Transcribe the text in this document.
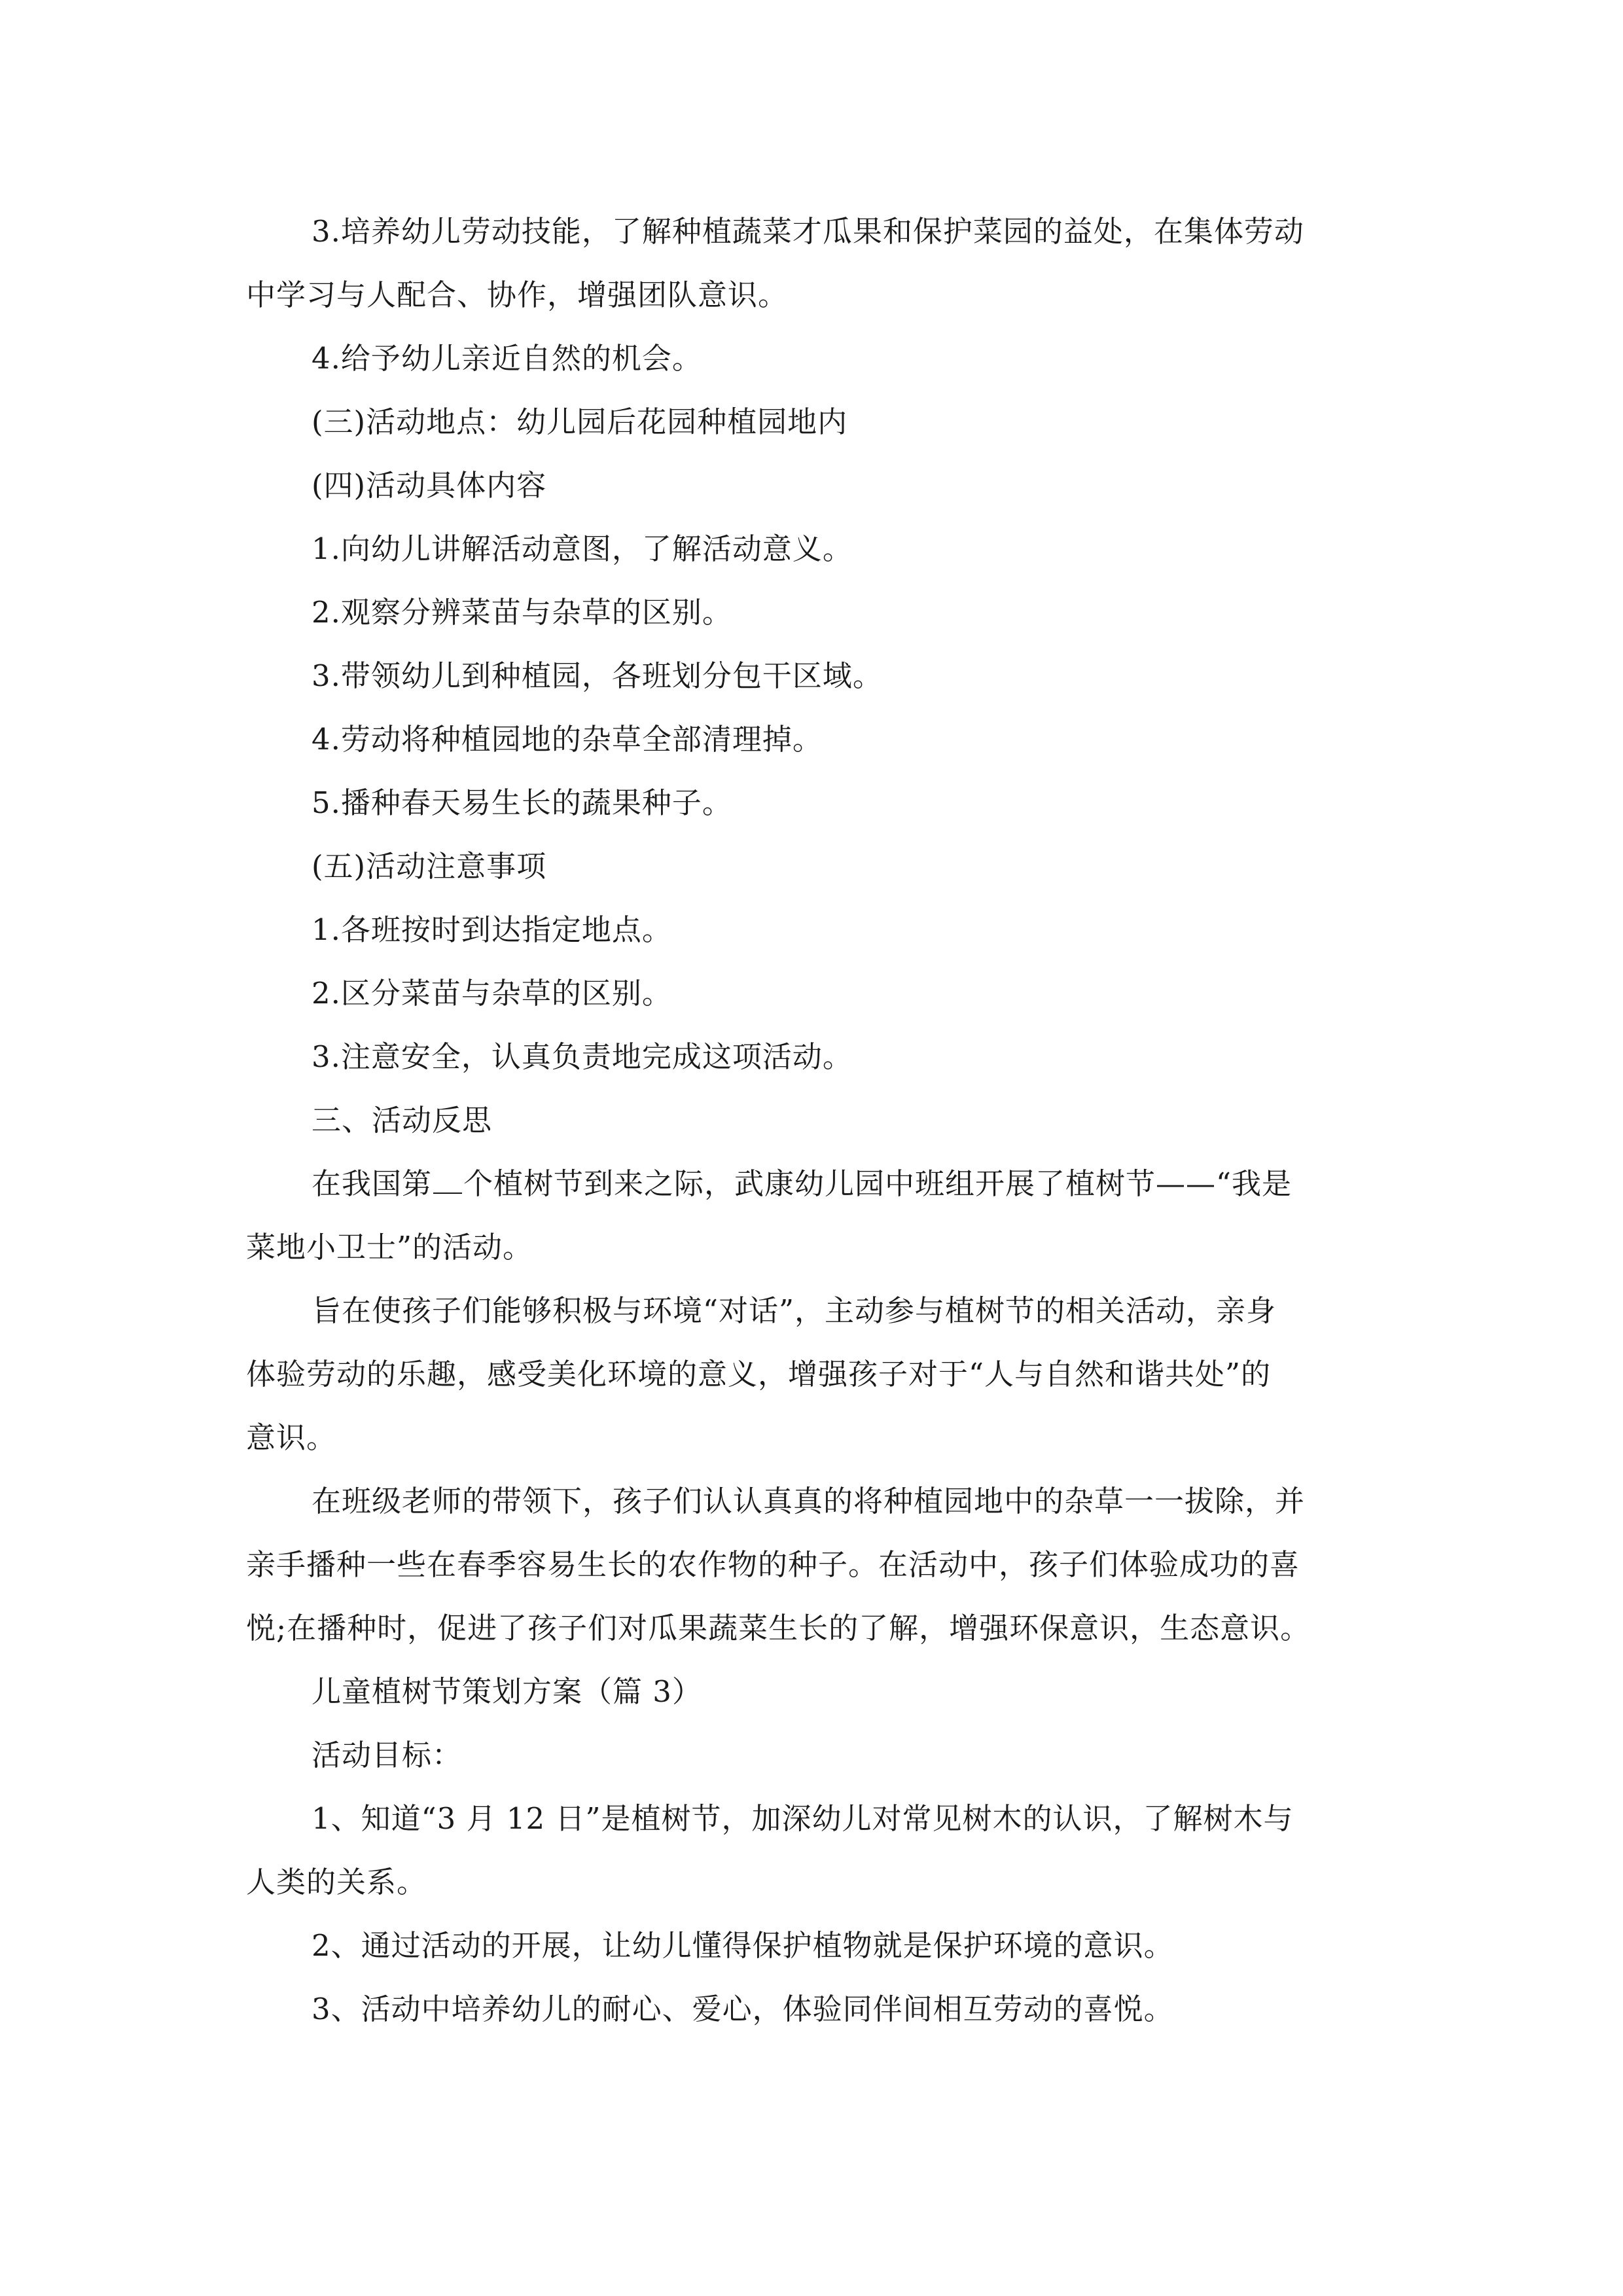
3.培养幼儿劳动技能，了解种植蔬菜才瓜果和保护菜园的益处，在集体劳动

中学习与人配合、协作，增强团队意识。

4.给予幼儿亲近自然的机会。

(三)活动地点：幼儿园后花园种植园地内

(四)活动具体内容

1.向幼儿讲解活动意图，了解活动意义。

2.观察分辨菜苗与杂草的区别。

3.带领幼儿到种植园，各班划分包干区域。

4.劳动将种植园地的杂草全部清理掉。

5.播种春天易生长的蔬果种子。

(五)活动注意事项

1.各班按时到达指定地点。

2.区分菜苗与杂草的区别。

3.注意安全，认真负责地完成这项活动。

三、活动反思

在我国第 个植树节到来之际，武康幼儿园中班组开展了植树节——“我是

菜地小卫士”的活动。

旨在使孩子们能够积极与环境“对话”，主动参与植树节的相关活动，亲身

体验劳动的乐趣，感受美化环境的意义，增强孩子对于“人与自然和谐共处”的

意识。

在班级老师的带领下，孩子们认认真真的将种植园地中的杂草一一拔除，并

亲手播种一些在春季容易生长的农作物的种子。在活动中，孩子们体验成功的喜

悦;在播种时，促进了孩子们对瓜果蔬菜生长的了解，增强环保意识，生态意识。

儿童植树节策划方案（篇 3）

活动目标：

1、知道“3 月 12 日”是植树节，加深幼儿对常见树木的认识，了解树木与

人类的关系。

2、通过活动的开展，让幼儿懂得保护植物就是保护环境的意识。

3、活动中培养幼儿的耐心、爱心，体验同伴间相互劳动的喜悦。
